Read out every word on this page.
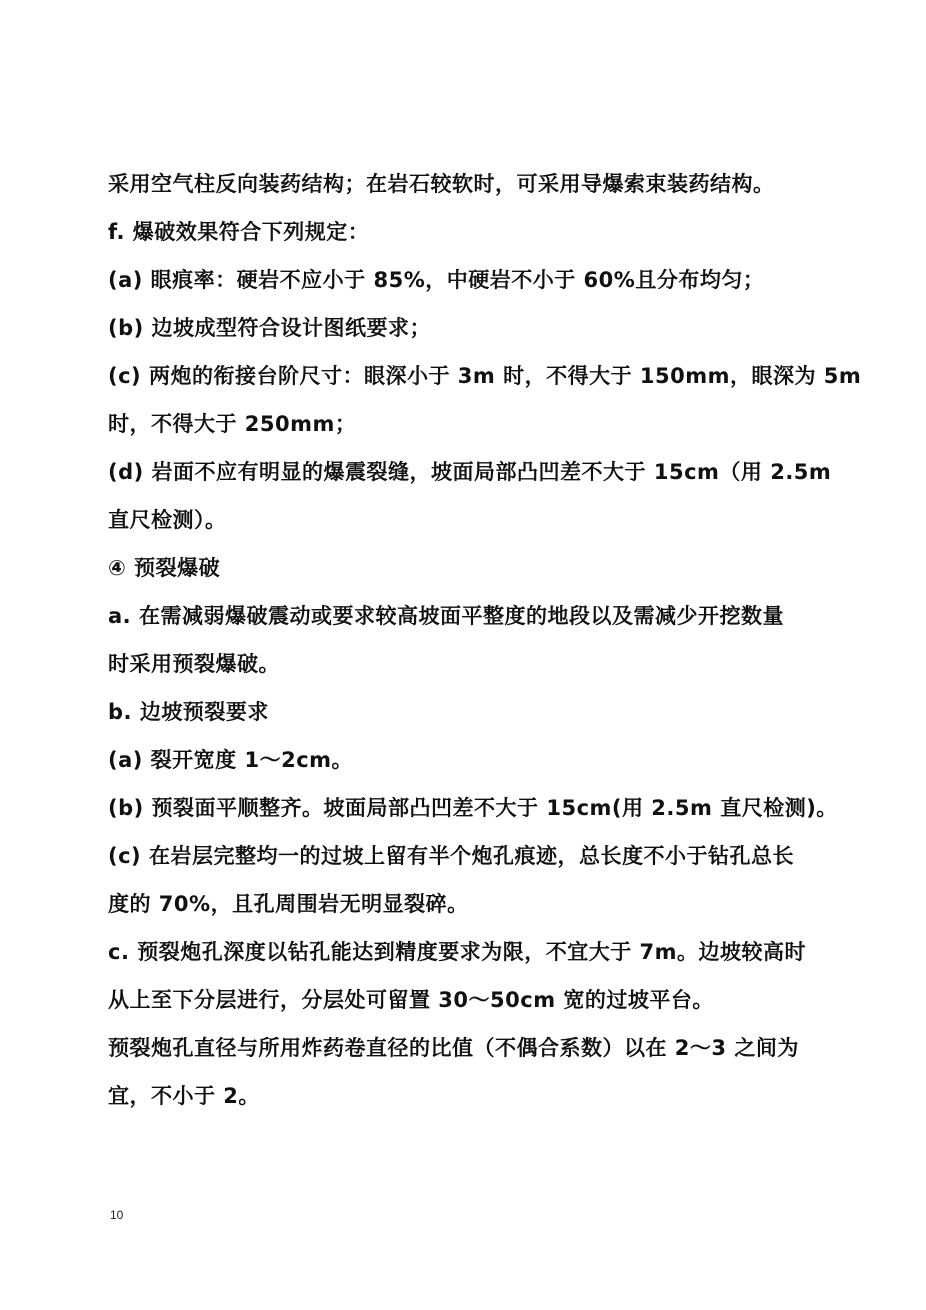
采用空气柱反向装药结构；在岩石较软时，可采用导爆索束装药结构。
f. 爆破效果符合下列规定：
(a) 眼痕率：硬岩不应小于 85%，中硬岩不小于 60%且分布均匀；
(b) 边坡成型符合设计图纸要求；
(c) 两炮的衔接台阶尺寸：眼深小于 3m 时，不得大于 150mm，眼深为 5m
时，不得大于 250mm；
(d) 岩面不应有明显的爆震裂缝，坡面局部凸凹差不大于 15cm（用 2.5m
直尺检测）。
④ 预裂爆破
a. 在需减弱爆破震动或要求较高坡面平整度的地段以及需减少开挖数量
时采用预裂爆破。
b. 边坡预裂要求
(a) 裂开宽度 1～2cm。
(b) 预裂面平顺整齐。坡面局部凸凹差不大于 15cm(用 2.5m 直尺检测)。
(c) 在岩层完整均一的过坡上留有半个炮孔痕迹，总长度不小于钻孔总长
度的 70%，且孔周围岩无明显裂碎。
c. 预裂炮孔深度以钻孔能达到精度要求为限，不宜大于 7m。边坡较高时
从上至下分层进行，分层处可留置 30～50cm 宽的过坡平台。
预裂炮孔直径与所用炸药卷直径的比值（不偶合系数）以在 2～3 之间为
宜，不小于 2。
10
